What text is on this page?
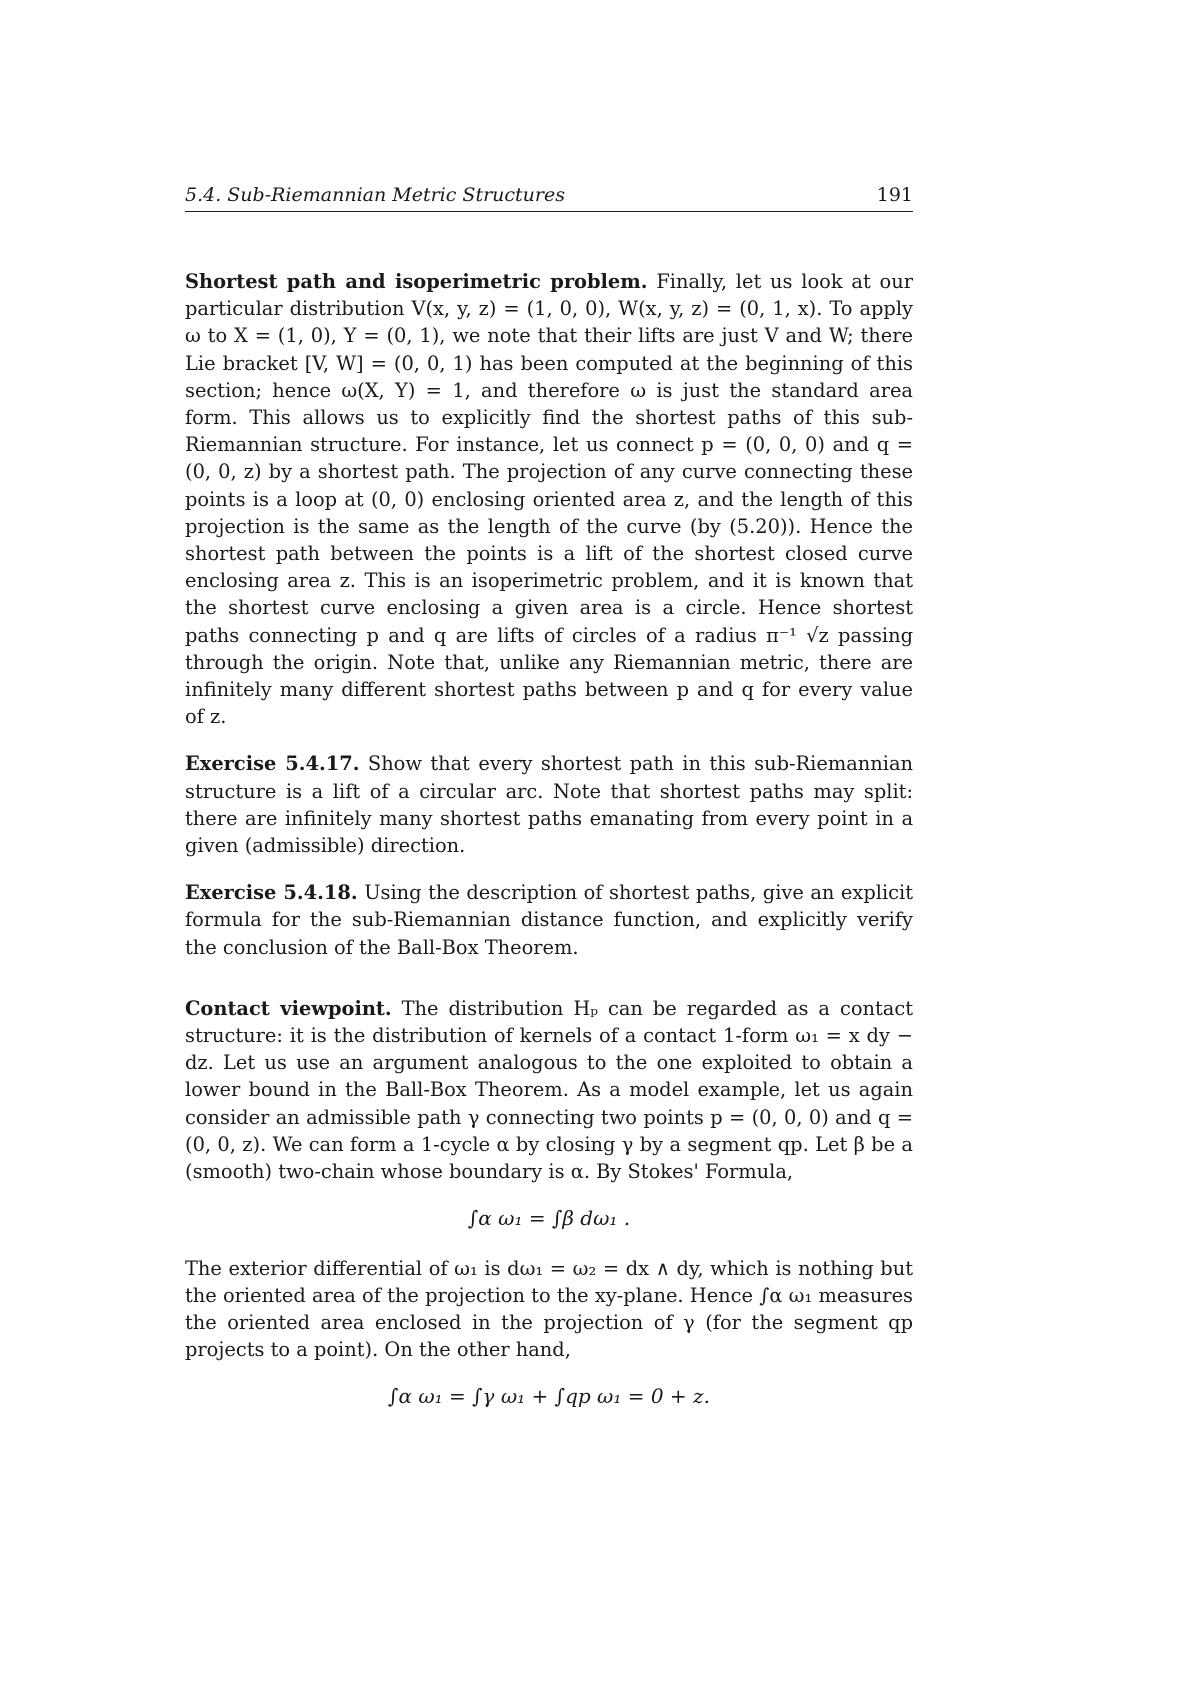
5.4. Sub-Riemannian Metric Structures	191

Shortest path and isoperimetric problem. Finally, let us look at our particular distribution V(x, y, z) = (1, 0, 0), W(x, y, z) = (0, 1, x). To apply ω to X = (1, 0), Y = (0, 1), we note that their lifts are just V and W; there Lie bracket [V, W] = (0, 0, 1) has been computed at the beginning of this section; hence ω(X, Y) = 1, and therefore ω is just the standard area form. This allows us to explicitly find the shortest paths of this sub-Riemannian structure. For instance, let us connect p = (0, 0, 0) and q = (0, 0, z) by a shortest path. The projection of any curve connecting these points is a loop at (0, 0) enclosing oriented area z, and the length of this projection is the same as the length of the curve (by (5.20)). Hence the shortest path between the points is a lift of the shortest closed curve enclosing area z. This is an isoperimetric problem, and it is known that the shortest curve enclosing a given area is a circle. Hence shortest paths connecting p and q are lifts of circles of a radius π⁻¹ √z passing through the origin. Note that, unlike any Riemannian metric, there are infinitely many different shortest paths between p and q for every value of z.

Exercise 5.4.17. Show that every shortest path in this sub-Riemannian structure is a lift of a circular arc. Note that shortest paths may split: there are infinitely many shortest paths emanating from every point in a given (admissible) direction.

Exercise 5.4.18. Using the description of shortest paths, give an explicit formula for the sub-Riemannian distance function, and explicitly verify the conclusion of the Ball-Box Theorem.

Contact viewpoint. The distribution Hₚ can be regarded as a contact structure: it is the distribution of kernels of a contact 1-form ω₁ = x dy − dz. Let us use an argument analogous to the one exploited to obtain a lower bound in the Ball-Box Theorem. As a model example, let us again consider an admissible path γ connecting two points p = (0, 0, 0) and q = (0, 0, z). We can form a 1-cycle α by closing γ by a segment qp. Let β be a (smooth) two-chain whose boundary is α. By Stokes' Formula,

∫α ω₁ = ∫β dω₁ .

The exterior differential of ω₁ is dω₁ = ω₂ = dx ∧ dy, which is nothing but the oriented area of the projection to the xy-plane. Hence ∫α ω₁ measures the oriented area enclosed in the projection of γ (for the segment qp projects to a point). On the other hand,

∫α ω₁ = ∫γ ω₁ + ∫qp ω₁ = 0 + z.
